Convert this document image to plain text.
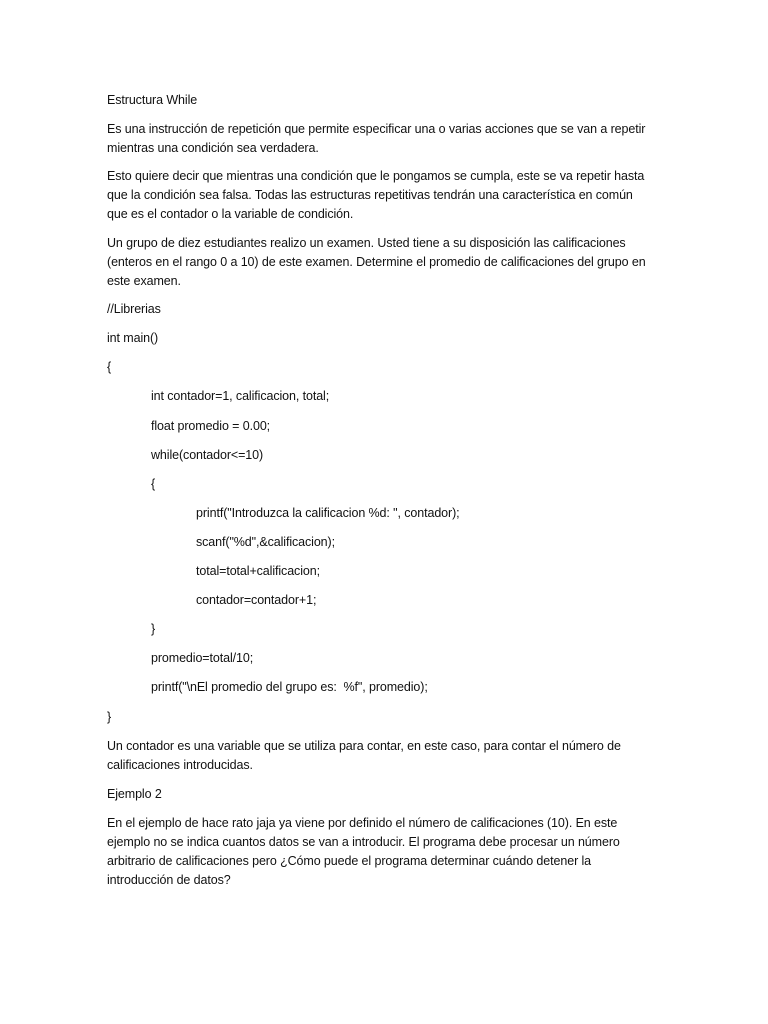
Estructura While
Es una instrucción de repetición que permite especificar una o varias acciones que se van a repetir
mientras una condición sea verdadera.
Esto quiere decir que mientras una condición que le pongamos se cumpla, este se va repetir hasta
que la condición sea falsa. Todas las estructuras repetitivas tendrán una característica en común
que es el contador o la variable de condición.
Un grupo de diez estudiantes realizo un examen. Usted tiene a su disposición las calificaciones
(enteros en el rango 0 a 10) de este examen. Determine el promedio de calificaciones del grupo en
este examen.
//Librerias
int main()
{
int contador=1, calificacion, total;
float promedio = 0.00;
while(contador<=10)
{
printf("Introduzca la calificacion %d: ", contador);
scanf("%d",&calificacion);
total=total+calificacion;
contador=contador+1;
}
promedio=total/10;
printf("\nEl promedio del grupo es:  %f", promedio);
}
Un contador es una variable que se utiliza para contar, en este caso, para contar el número de
calificaciones introducidas.
Ejemplo 2
En el ejemplo de hace rato jaja ya viene por definido el número de calificaciones (10). En este
ejemplo no se indica cuantos datos se van a introducir. El programa debe procesar un número
arbitrario de calificaciones pero ¿Cómo puede el programa determinar cuándo detener la
introducción de datos?
